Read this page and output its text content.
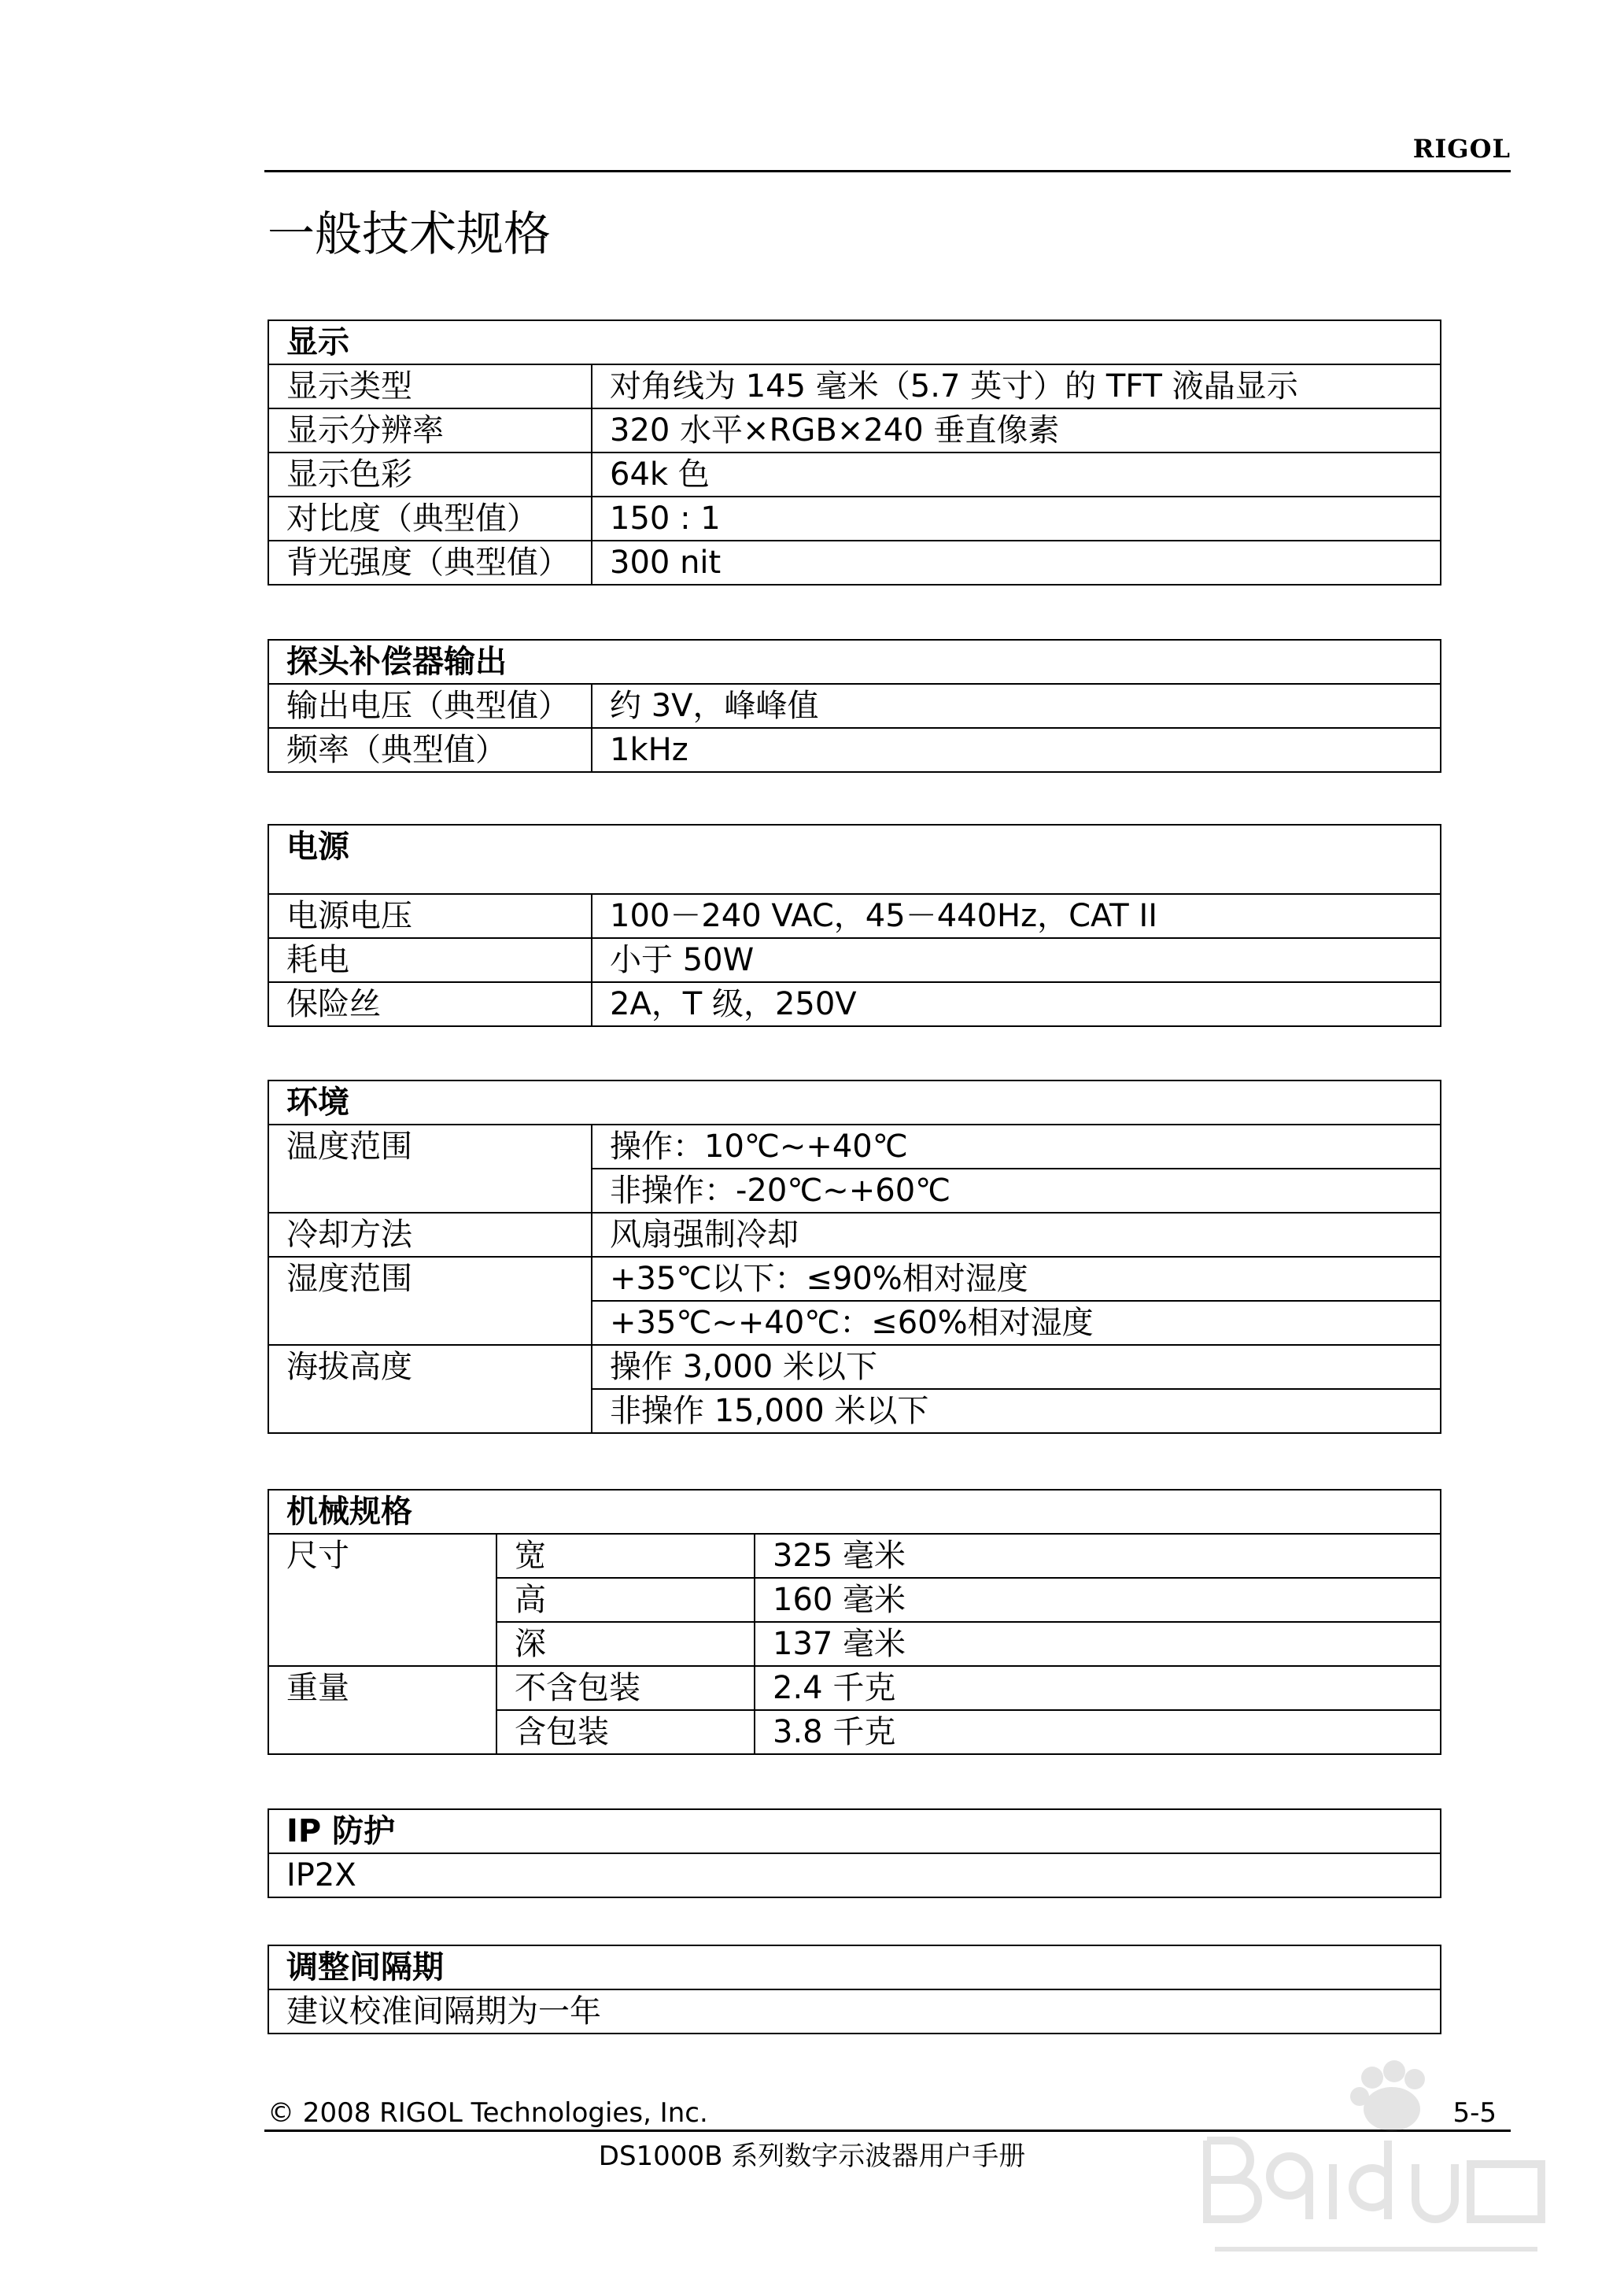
RIGOL
一般技术规格
显示	
显示类型	对角线为 145 毫米（5.7 英寸）的 TFT 液晶显示
显示分辨率	320 水平×RGB×240 垂直像素
显示色彩	64k 色
对比度（典型值）	150 : 1
背光强度（典型值）	300 nit
探头补偿器输出	
输出电压（典型值）	约 3V，峰峰值
频率（典型值）	1kHz
电源	
电源电压	100－240 VAC，45－440Hz，CAT II
耗电	小于 50W
保险丝	2A，T 级，250V
环境	
温度范围	操作：10℃~+40℃
	非操作：-20℃~+60℃
冷却方法	风扇强制冷却
湿度范围	+35℃以下：≤90%相对湿度
	+35℃~+40℃：≤60%相对湿度
海拔高度	操作 3,000 米以下
	非操作 15,000 米以下
机械规格		
尺寸	宽	325 毫米
	高	160 毫米
	深	137 毫米
重量	不含包装	2.4 千克
	含包装	3.8 千克
IP 防护
IP2X
调整间隔期
建议校准间隔期为一年
© 2008 RIGOL Technologies, Inc.	5-5
DS1000B 系列数字示波器用户手册
